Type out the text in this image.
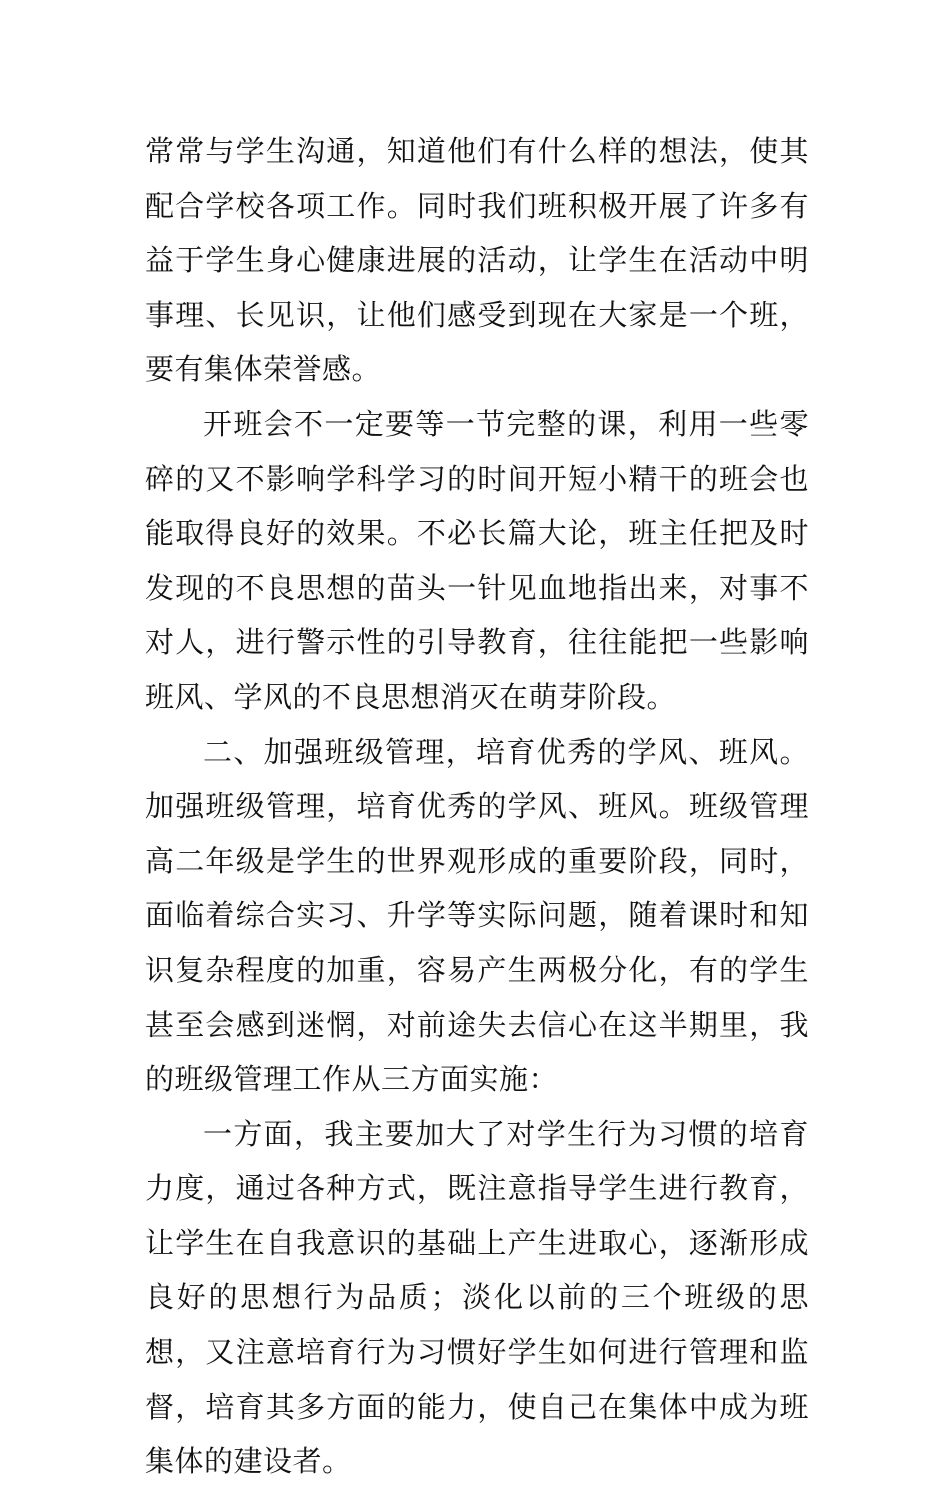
常常与学生沟通，知道他们有什么样的想法，使其配合学校各项工作。同时我们班积极开展了许多有益于学生身心健康进展的活动，让学生在活动中明事理、长见识，让他们感受到现在大家是一个班，要有集体荣誉感。

开班会不一定要等一节完整的课，利用一些零碎的又不影响学科学习的时间开短小精干的班会也能取得良好的效果。不必长篇大论，班主任把及时发现的不良思想的苗头一针见血地指出来，对事不对人，进行警示性的引导教育，往往能把一些影响班风、学风的不良思想消灭在萌芽阶段。

二、加强班级管理，培育优秀的学风、班风。加强班级管理，培育优秀的学风、班风。班级管理高二年级是学生的世界观形成的重要阶段，同时，面临着综合实习、升学等实际问题，随着课时和知识复杂程度的加重，容易产生两极分化，有的学生甚至会感到迷惘，对前途失去信心在这半期里，我的班级管理工作从三方面实施：

一方面，我主要加大了对学生行为习惯的培育力度，通过各种方式，既注意指导学生进行教育，让学生在自我意识的基础上产生进取心，逐渐形成良好的思想行为品质；淡化以前的三个班级的思想，又注意培育行为习惯好学生如何进行管理和监督，培育其多方面的能力，使自己在集体中成为班集体的建设者。
